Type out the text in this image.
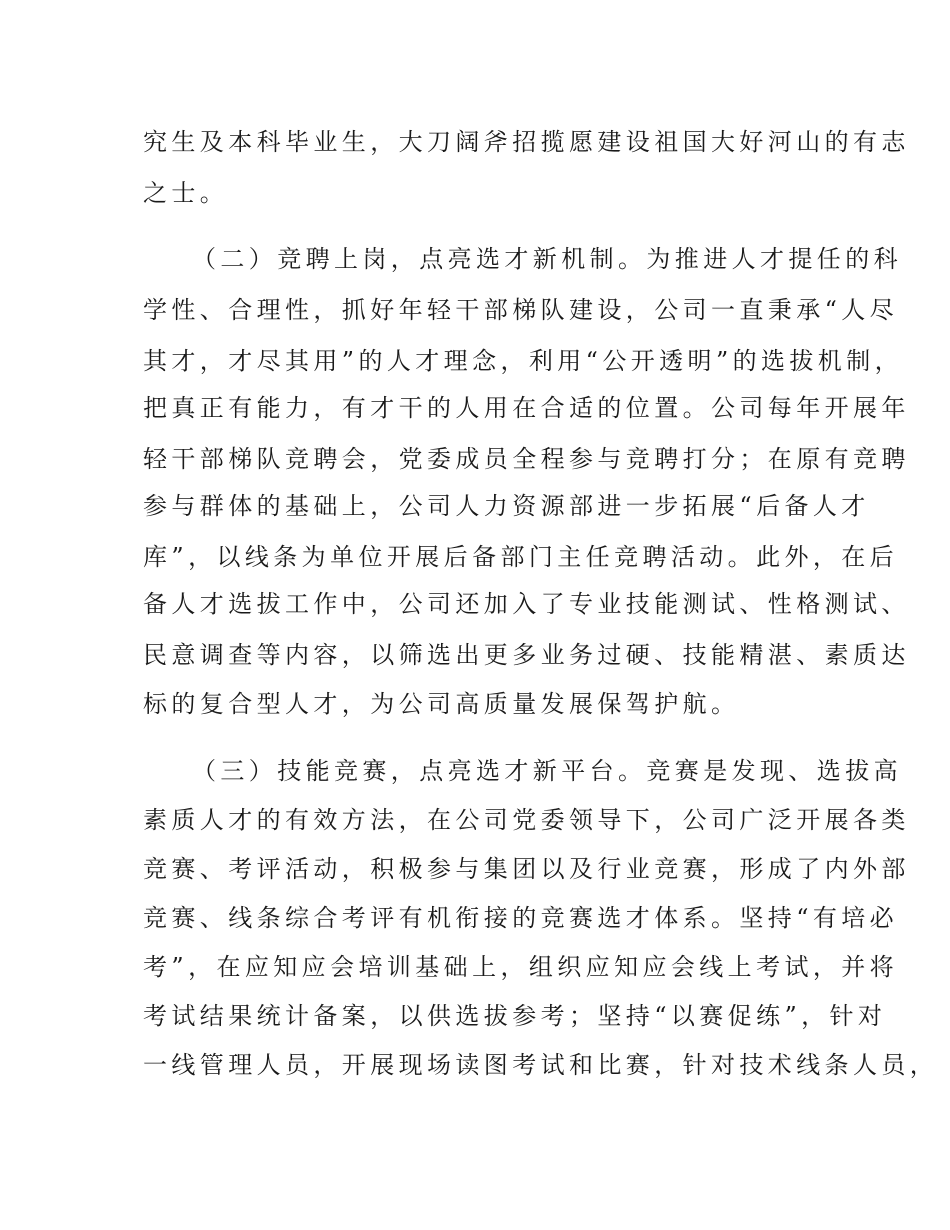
究生及本科毕业生，大刀阔斧招揽愿建设祖国大好河山的有志
之士。
（二）竞聘上岗，点亮选才新机制。为推进人才提任的科
学性、合理性，抓好年轻干部梯队建设，公司一直秉承“人尽
其才，才尽其用”的人才理念，利用“公开透明”的选拔机制，
把真正有能力，有才干的人用在合适的位置。公司每年开展年
轻干部梯队竞聘会，党委成员全程参与竞聘打分；在原有竞聘
参与群体的基础上，公司人力资源部进一步拓展“后备人才
库”，以线条为单位开展后备部门主任竞聘活动。此外，在后
备人才选拔工作中，公司还加入了专业技能测试、性格测试、
民意调查等内容，以筛选出更多业务过硬、技能精湛、素质达
标的复合型人才，为公司高质量发展保驾护航。
（三）技能竞赛，点亮选才新平台。竞赛是发现、选拔高
素质人才的有效方法，在公司党委领导下，公司广泛开展各类
竞赛、考评活动，积极参与集团以及行业竞赛，形成了内外部
竞赛、线条综合考评有机衔接的竞赛选才体系。坚持“有培必
考”，在应知应会培训基础上，组织应知应会线上考试，并将
考试结果统计备案，以供选拔参考；坚持“以赛促练”，针对
一线管理人员，开展现场读图考试和比赛，针对技术线条人员，
